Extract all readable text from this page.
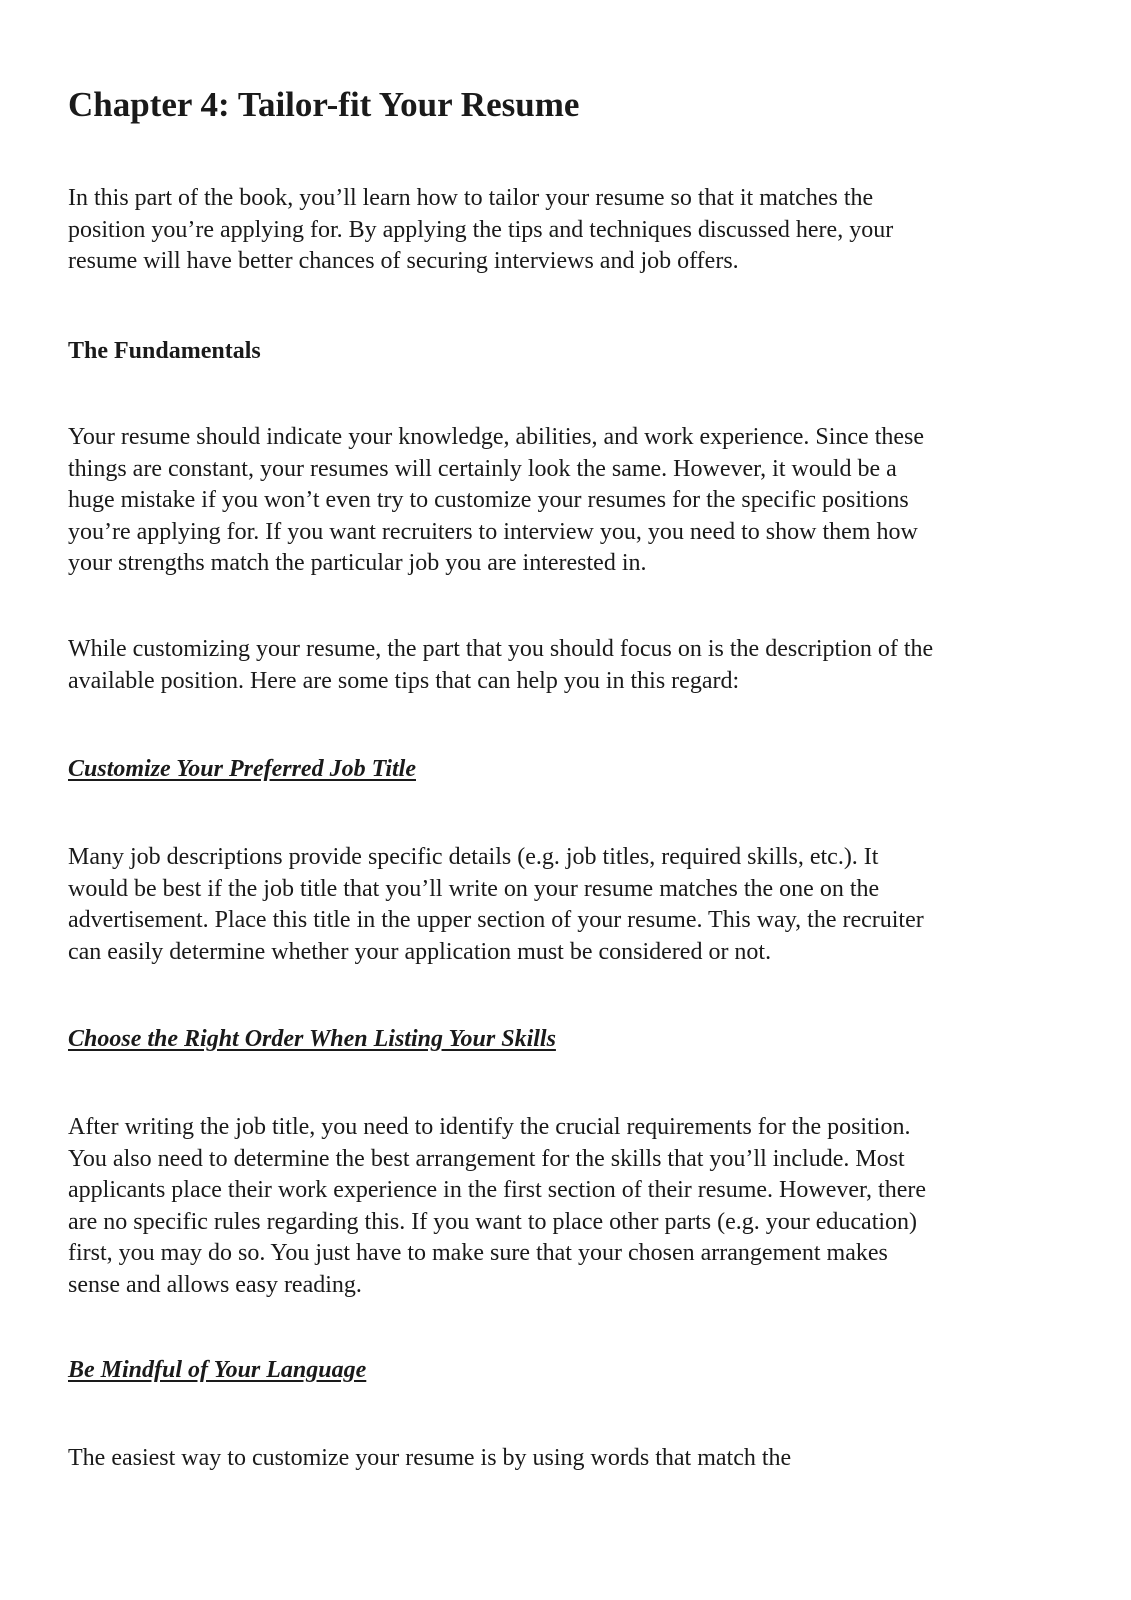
Chapter 4: Tailor-fit Your Resume

In this part of the book, you’ll learn how to tailor your resume so that it matches the
position you’re applying for. By applying the tips and techniques discussed here, your
resume will have better chances of securing interviews and job offers.

The Fundamentals

Your resume should indicate your knowledge, abilities, and work experience. Since these
things are constant, your resumes will certainly look the same. However, it would be a
huge mistake if you won’t even try to customize your resumes for the specific positions
you’re applying for. If you want recruiters to interview you, you need to show them how
your strengths match the particular job you are interested in.

While customizing your resume, the part that you should focus on is the description of the
available position. Here are some tips that can help you in this regard:

Customize Your Preferred Job Title

Many job descriptions provide specific details (e.g. job titles, required skills, etc.). It
would be best if the job title that you’ll write on your resume matches the one on the
advertisement. Place this title in the upper section of your resume. This way, the recruiter
can easily determine whether your application must be considered or not.

Choose the Right Order When Listing Your Skills

After writing the job title, you need to identify the crucial requirements for the position.
You also need to determine the best arrangement for the skills that you’ll include. Most
applicants place their work experience in the first section of their resume. However, there
are no specific rules regarding this. If you want to place other parts (e.g. your education)
first, you may do so. You just have to make sure that your chosen arrangement makes
sense and allows easy reading.

Be Mindful of Your Language

The easiest way to customize your resume is by using words that match the
